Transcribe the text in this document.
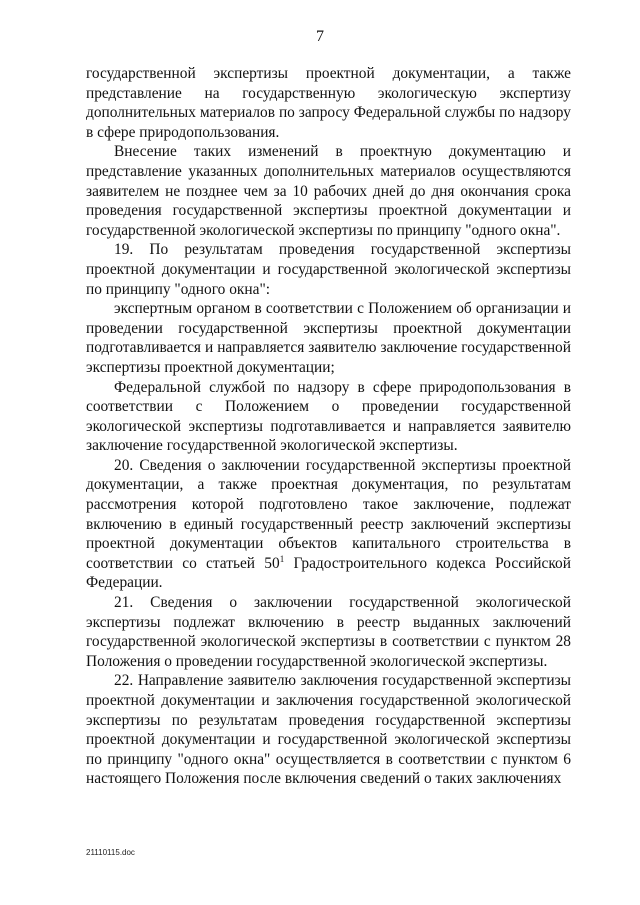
7

государственной экспертизы проектной документации, а также представление на государственную экологическую экспертизу дополнительных материалов по запросу Федеральной службы по надзору в сфере природопользования.

Внесение таких изменений в проектную документацию и представление указанных дополнительных материалов осуществляются заявителем не позднее чем за 10 рабочих дней до дня окончания срока проведения государственной экспертизы проектной документации и государственной экологической экспертизы по принципу "одного окна".

19. По результатам проведения государственной экспертизы проектной документации и государственной экологической экспертизы по принципу "одного окна":

экспертным органом в соответствии с Положением об организации и проведении государственной экспертизы проектной документации подготавливается и направляется заявителю заключение государственной экспертизы проектной документации;

Федеральной службой по надзору в сфере природопользования в соответствии с Положением о проведении государственной экологической экспертизы подготавливается и направляется заявителю заключение государственной экологической экспертизы.

20. Сведения о заключении государственной экспертизы проектной документации, а также проектная документация, по результатам рассмотрения которой подготовлено такое заключение, подлежат включению в единый государственный реестр заключений экспертизы проектной документации объектов капитального строительства в соответствии со статьей $50^1$ Градостроительного кодекса Российской Федерации.

21. Сведения о заключении государственной экологической экспертизы подлежат включению в реестр выданных заключений государственной экологической экспертизы в соответствии с пунктом 28 Положения о проведении государственной экологической экспертизы.

22. Направление заявителю заключения государственной экспертизы проектной документации и заключения государственной экологической экспертизы по результатам проведения государственной экспертизы проектной документации и государственной экологической экспертизы по принципу "одного окна" осуществляется в соответствии с пунктом 6 настоящего Положения после включения сведений о таких заключениях

21110115.doc
